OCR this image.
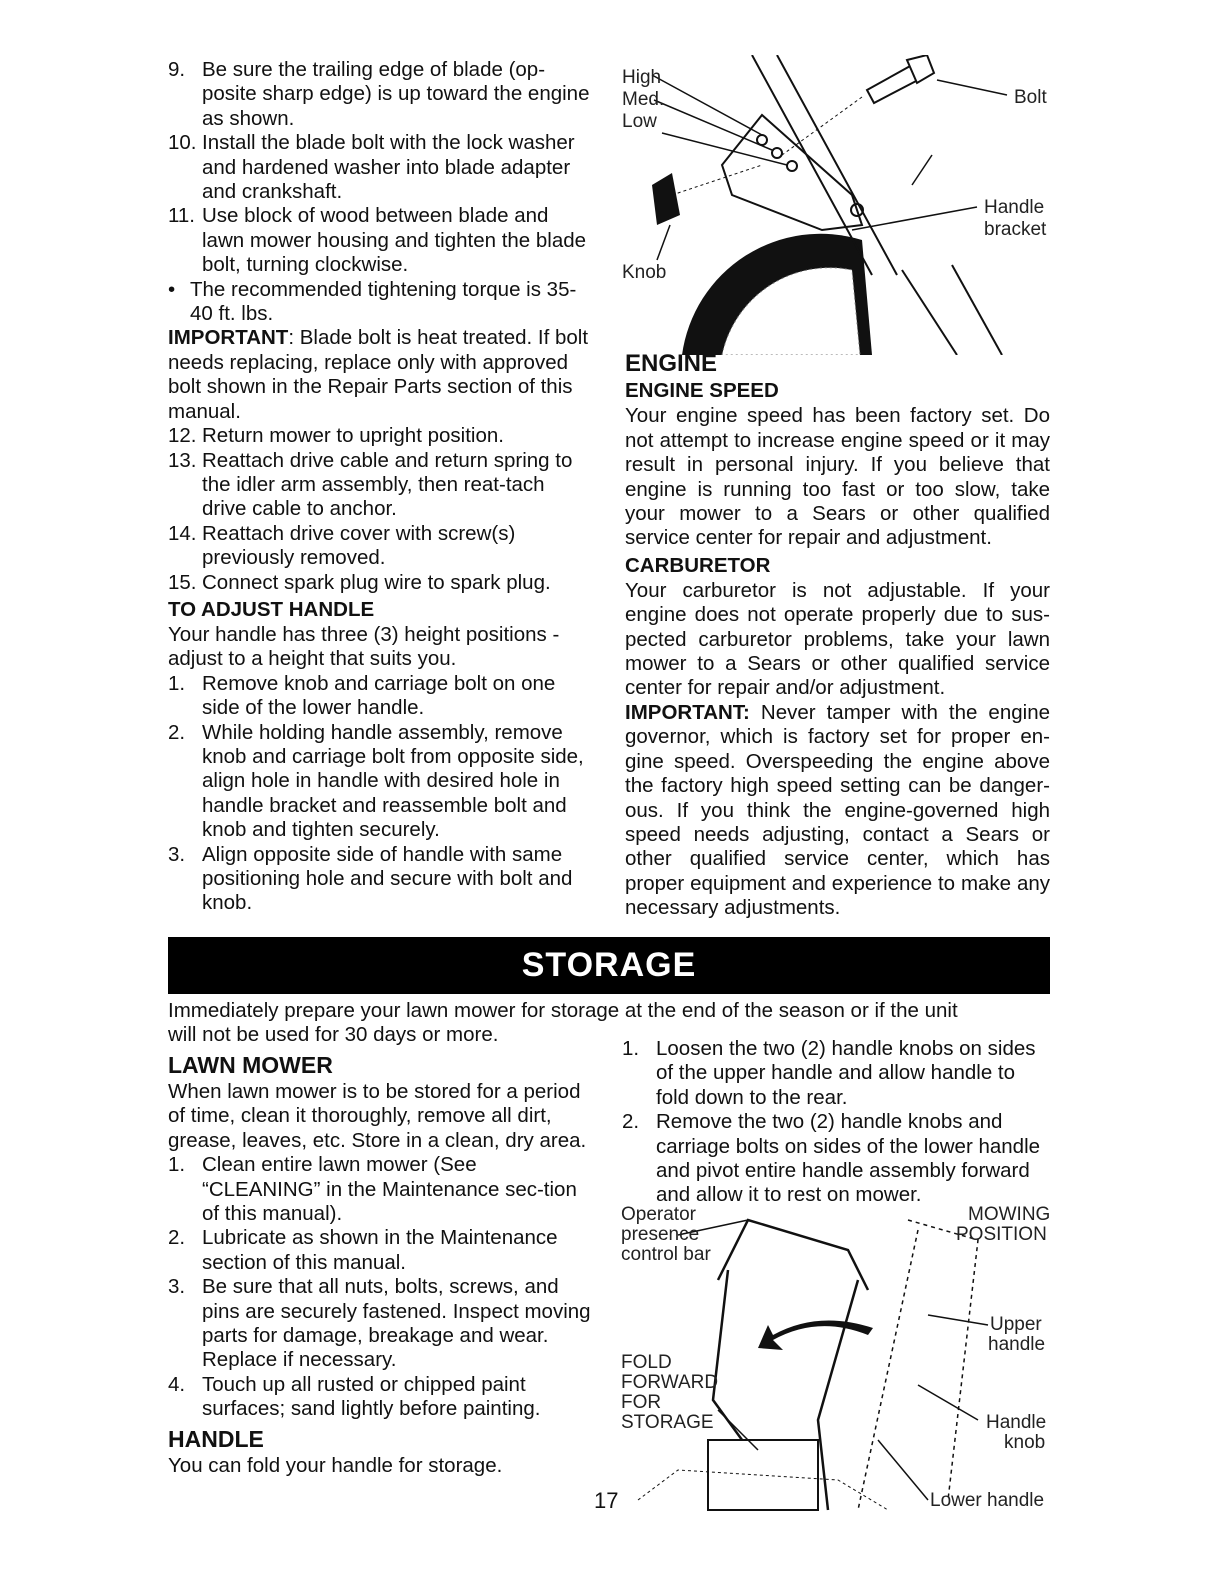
9. Be sure the trailing edge of blade (op-posite sharp edge) is up toward the engine as shown.
10. Install the blade bolt with the lock washer and hardened washer into blade adapter and crankshaft.
11. Use block of wood between blade and lawn mower housing and tighten the blade bolt, turning clockwise.
• The recommended tightening torque is 35-40 ft. lbs.

IMPORTANT: Blade bolt is heat treated. If bolt needs replacing, replace only with approved bolt shown in the Repair Parts section of this manual.

12. Return mower to upright position.
13. Reattach drive cable and return spring to the idler arm assembly, then reat-tach drive cable to anchor.
14. Reattach drive cover with screw(s) previously removed.
15. Connect spark plug wire to spark plug.
TO ADJUST HANDLE

Your handle has three (3) height positions - adjust to a height that suits you.

1. Remove knob and carriage bolt on one side of the lower handle.
2. While holding handle assembly, remove knob and carriage bolt from opposite side, align hole in handle with desired hole in handle bracket and reassemble bolt and knob and tighten securely.
3. Align opposite side of handle with same positioning hole and secure with bolt and knob.
High
Med.
Low
Bolt
Handle
bracket
Knob
ENGINE
ENGINE SPEED

Your engine speed has been factory set. Do not attempt to increase engine speed or it may result in personal injury. If you believe that engine is running too fast or too slow, take your mower to a Sears or other qualified service center for repair and adjustment.

CARBURETOR

Your carburetor is not adjustable. If your engine does not operate properly due to sus-pected carburetor problems, take your lawn mower to a Sears or other qualified service center for repair and/or adjustment.

IMPORTANT: Never tamper with the engine governor, which is factory set for proper en-gine speed. Overspeeding the engine above the factory high speed setting can be danger-ous. If you think the engine-governed high speed needs adjusting, contact a Sears or other qualified service center, which has proper equipment and experience to make any necessary adjustments.

STORAGE
Immediately prepare your lawn mower for storage at the end of the season or if the unit
will not be used for 30 days or more.
LAWN MOWER

When lawn mower is to be stored for a period of time, clean it thoroughly, remove all dirt, grease, leaves, etc. Store in a clean, dry area.

1. Clean entire lawn mower (See “CLEANING” in the Maintenance sec-tion of this manual).
2. Lubricate as shown in the Maintenance section of this manual.
3. Be sure that all nuts, bolts, screws, and pins are securely fastened. Inspect moving parts for damage, breakage and wear. Replace if necessary.
4. Touch up all rusted or chipped paint surfaces; sand lightly before painting.
HANDLE

You can fold your handle for storage.

1. Loosen the two (2) handle knobs on sides of the upper handle and allow handle to fold down to the rear.
2. Remove the two (2) handle knobs and carriage bolts on sides of the lower handle and pivot entire handle assembly forward and allow it to rest on mower.
Operator
presence
control bar
MOWING
POSITION
Upper
handle
FOLD
FORWARD
FOR
STORAGE	Handle
knob
Lower handle
17
